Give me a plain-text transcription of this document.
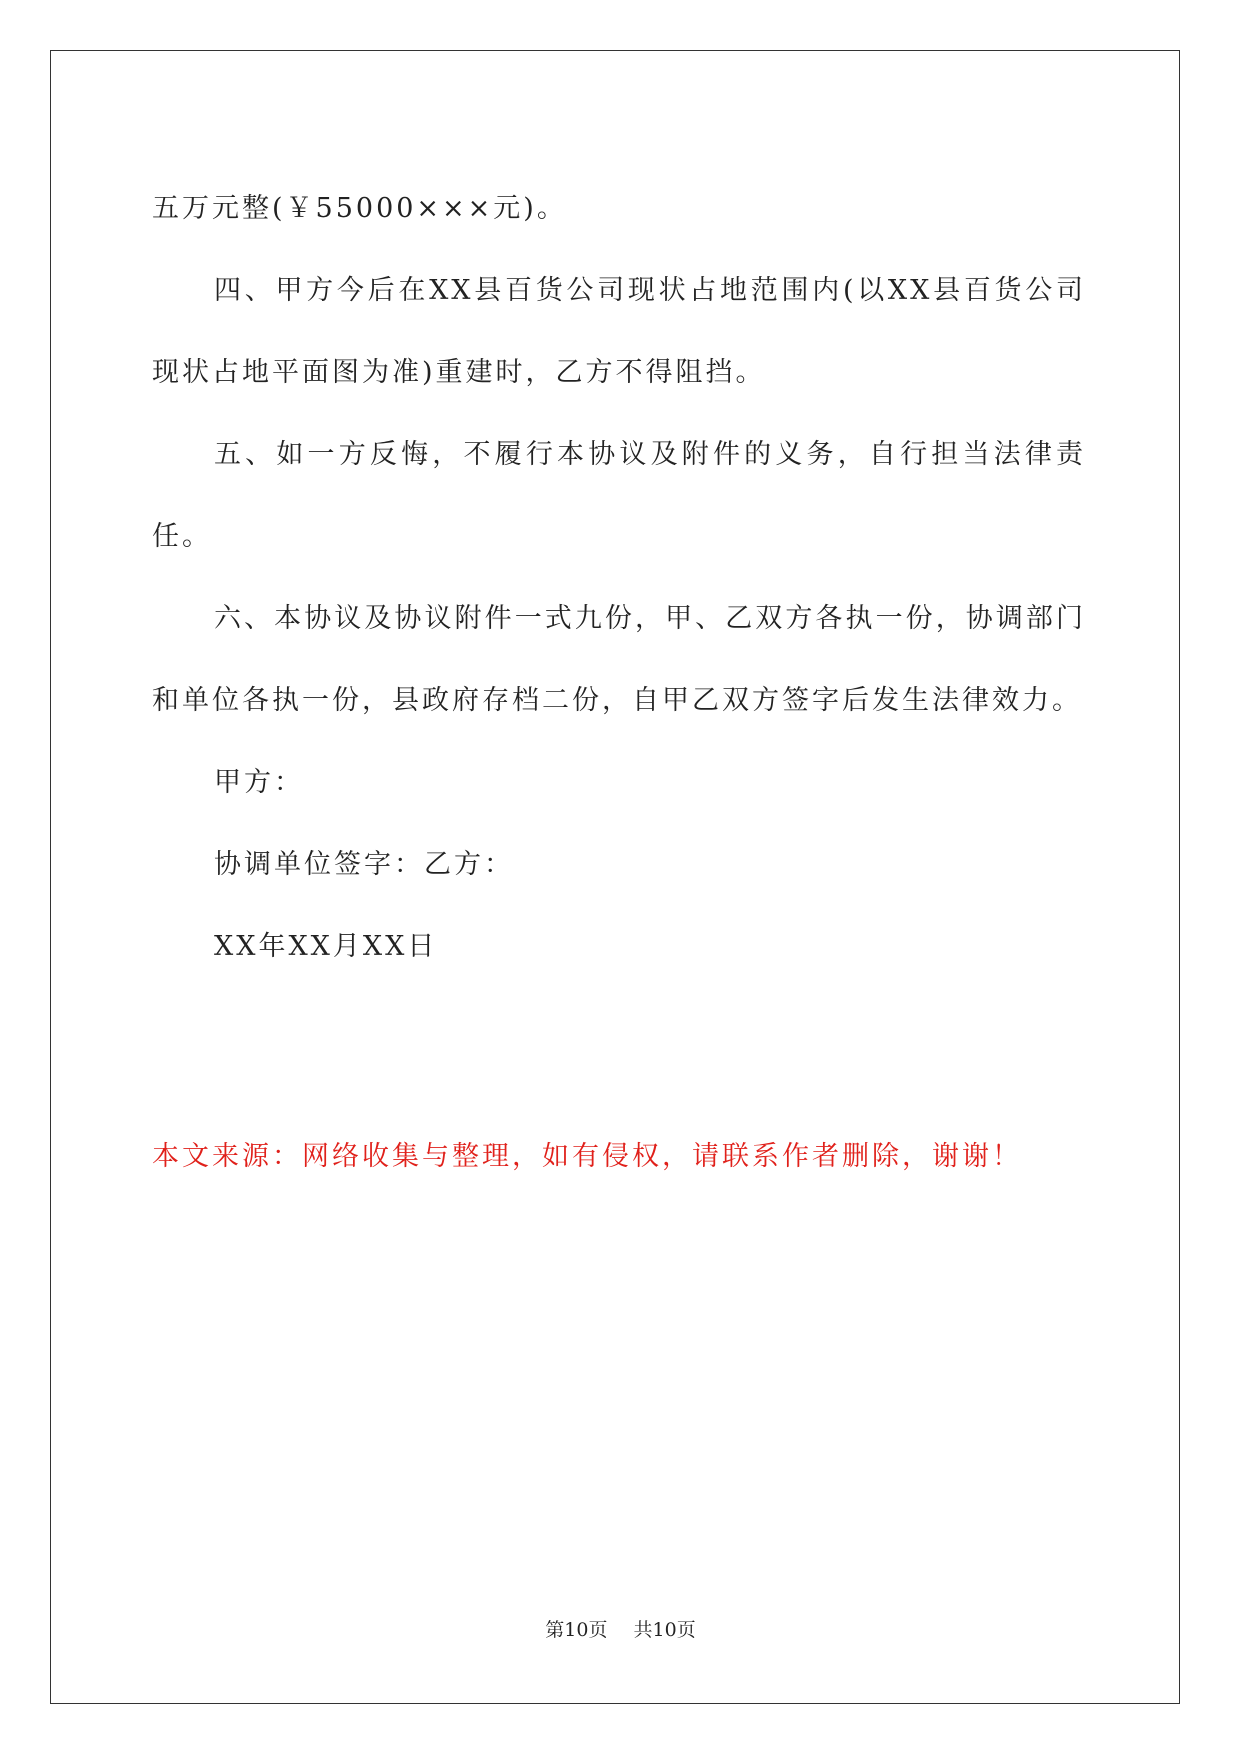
五万元整(￥55000×××元)。

四、甲方今后在XX县百货公司现状占地范围内(以XX县百货公司现状占地平面图为准)重建时，乙方不得阻挡。

五、如一方反悔，不履行本协议及附件的义务，自行担当法律责任。

六、本协议及协议附件一式九份，甲、乙双方各执一份，协调部门和单位各执一份，县政府存档二份，自甲乙双方签字后发生法律效力。

甲方：

协调单位签字：乙方：

XX年XX月XX日

本文来源：网络收集与整理，如有侵权，请联系作者删除，谢谢！
第10页 共10页
